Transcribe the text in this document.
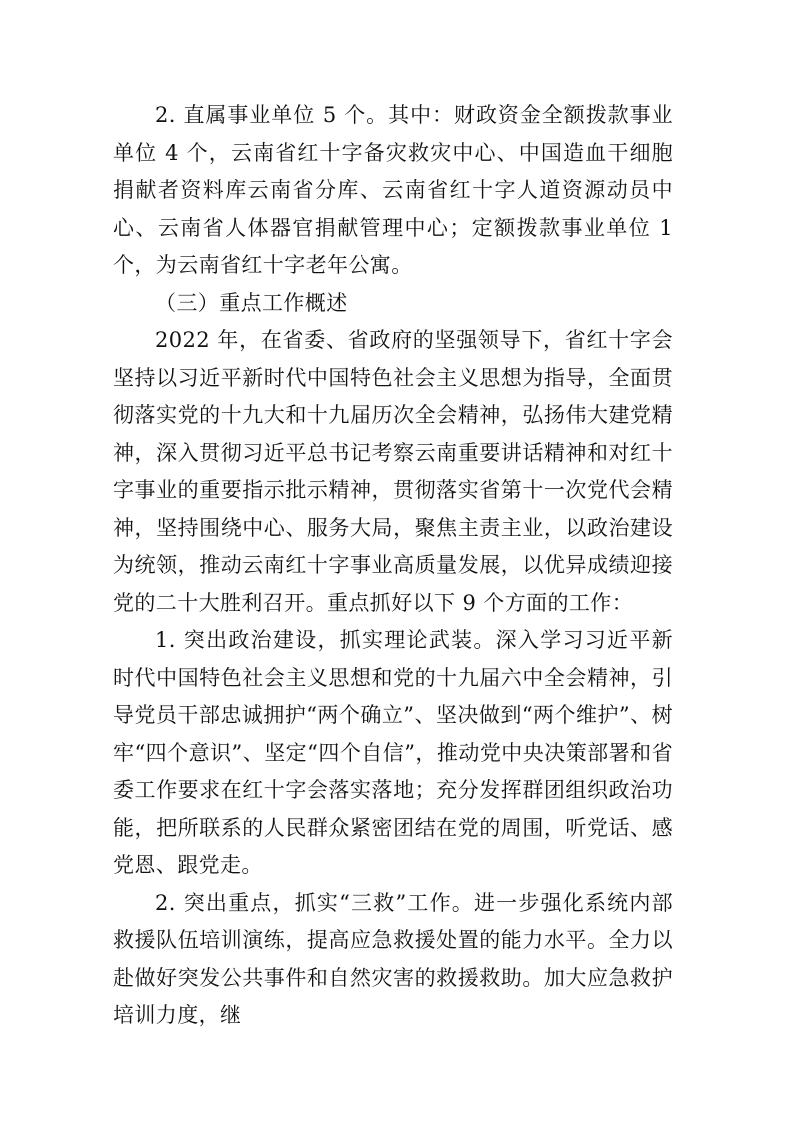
2. 直属事业单位 5 个。其中：财政资金全额拨款事业单位 4 个，云南省红十字备灾救灾中心、中国造血干细胞捐献者资料库云南省分库、云南省红十字人道资源动员中心、云南省人体器官捐献管理中心；定额拨款事业单位 1 个，为云南省红十字老年公寓。

（三）重点工作概述

2022 年，在省委、省政府的坚强领导下，省红十字会坚持以习近平新时代中国特色社会主义思想为指导，全面贯彻落实党的十九大和十九届历次全会精神，弘扬伟大建党精神，深入贯彻习近平总书记考察云南重要讲话精神和对红十字事业的重要指示批示精神，贯彻落实省第十一次党代会精神，坚持围绕中心、服务大局，聚焦主责主业，以政治建设为统领，推动云南红十字事业高质量发展，以优异成绩迎接党的二十大胜利召开。重点抓好以下 9 个方面的工作：

1. 突出政治建设，抓实理论武装。深入学习习近平新时代中国特色社会主义思想和党的十九届六中全会精神，引导党员干部忠诚拥护“两个确立”、坚决做到“两个维护”、树牢“四个意识”、坚定“四个自信”，推动党中央决策部署和省委工作要求在红十字会落实落地；充分发挥群团组织政治功能，把所联系的人民群众紧密团结在党的周围，听党话、感党恩、跟党走。

2. 突出重点，抓实“三救”工作。进一步强化系统内部救援队伍培训演练，提高应急救援处置的能力水平。全力以赴做好突发公共事件和自然灾害的救援救助。加大应急救护培训力度，继
